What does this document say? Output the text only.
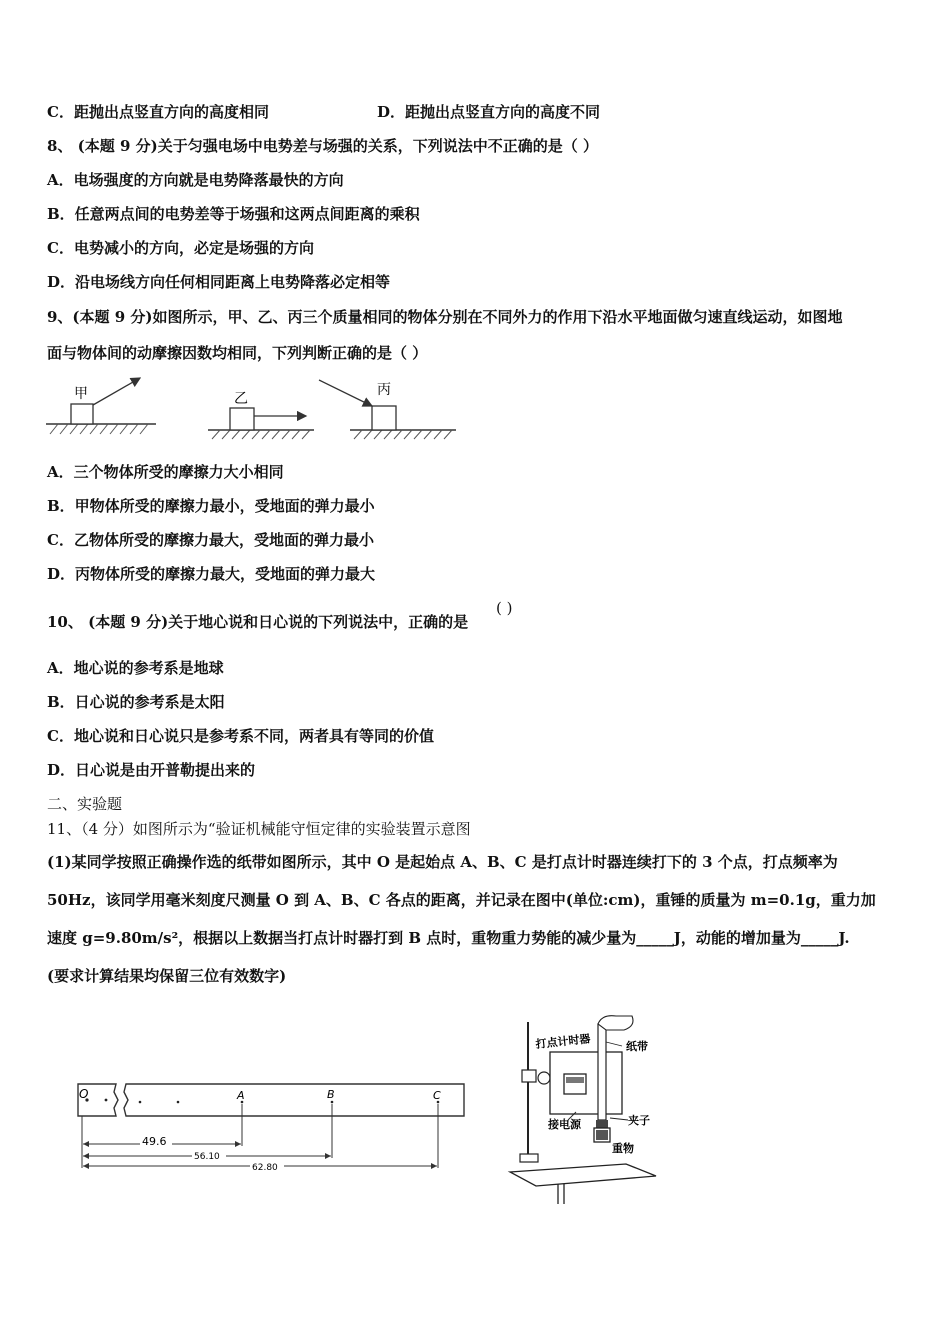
C．距抛出点竖直方向的高度相同	D．距抛出点竖直方向的高度不同
8、 (本题 9 分)关于匀强电场中电势差与场强的关系，下列说法中不正确的是（ ）
A．电场强度的方向就是电势降落最快的方向
B．任意两点间的电势差等于场强和这两点间距离的乘积
C．电势减小的方向，必定是场强的方向
D．沿电场线方向任何相同距离上电势降落必定相等
9、(本题 9 分)如图所示，甲、乙、丙三个质量相同的物体分别在不同外力的作用下沿水平地面做匀速直线运动，如图地
面与物体间的动摩擦因数均相同，下列判断正确的是（ ）
甲	乙
丙
A．三个物体所受的摩擦力大小相同
B．甲物体所受的摩擦力最小，受地面的弹力最小
C．乙物体所受的摩擦力最大，受地面的弹力最小
D．丙物体所受的摩擦力最大，受地面的弹力最大
10、 (本题 9 分)关于地心说和日心说的下列说法中，正确的是
( )
A．地心说的参考系是地球
B．日心说的参考系是太阳
C．地心说和日心说只是参考系不同，两者具有等同的价值
D．日心说是由开普勒提出来的
二、实验题
11、（4 分）如图所示为“验证机械能守恒定律的实验装置示意图
(1)某同学按照正确操作选的纸带如图所示，其中 O 是起始点 A、B、C 是打点计时器连续打下的 3 个点，打点频率为
50Hz，该同学用毫米刻度尺测量 O 到 A、B、C 各点的距离，并记录在图中(单位:cm)，重锤的质量为 m=0.1g，重力加
速度 g=9.80m/s²，根据以上数据当打点计时器打到 B 点时，重物重力势能的减少量为_____J，动能的增加量为_____J.
(要求计算结果均保留三位有效数字)
O	A	B	C
49.6
56.10
62.80
打点计时器	纸带
接电源	夹子
重物
